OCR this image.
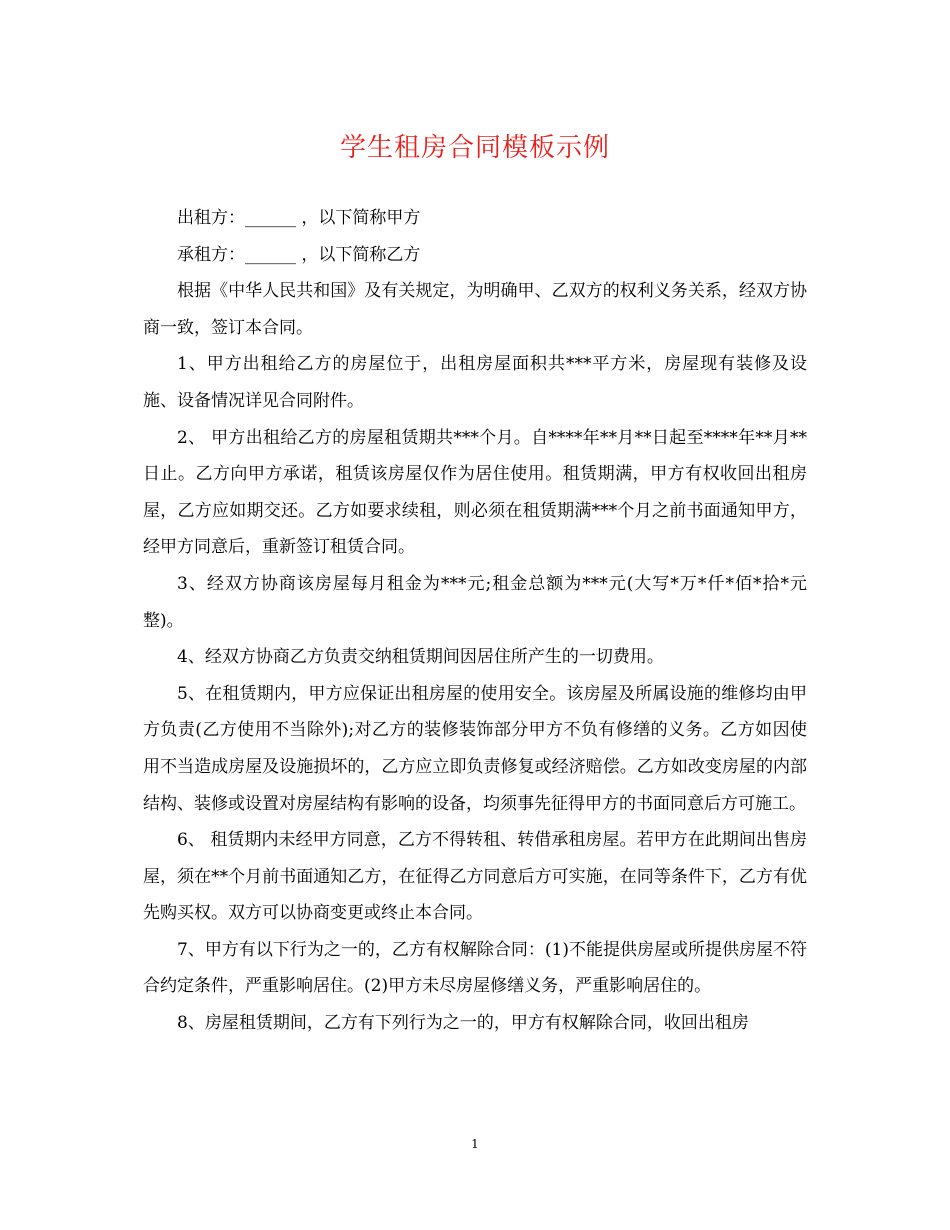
学生租房合同模板示例

出租方：______ ，以下简称甲方

承租方：______ ，以下简称乙方

根据《中华人民共和国》及有关规定，为明确甲、乙双方的权利义务关系，经双方协商一致，签订本合同。

1、甲方出租给乙方的房屋位于，出租房屋面积共***平方米，房屋现有装修及设施、设备情况详见合同附件。

2、 甲方出租给乙方的房屋租赁期共***个月。自****年**月**日起至****年**月**日止。乙方向甲方承诺，租赁该房屋仅作为居住使用。租赁期满，甲方有权收回出租房屋，乙方应如期交还。乙方如要求续租，则必须在租赁期满***个月之前书面通知甲方，经甲方同意后，重新签订租赁合同。

3、经双方协商该房屋每月租金为***元;租金总额为***元(大写*万*仟*佰*拾*元整)。

4、经双方协商乙方负责交纳租赁期间因居住所产生的一切费用。

5、在租赁期内，甲方应保证出租房屋的使用安全。该房屋及所属设施的维修均由甲方负责(乙方使用不当除外);对乙方的装修装饰部分甲方不负有修缮的义务。乙方如因使用不当造成房屋及设施损坏的，乙方应立即负责修复或经济赔偿。乙方如改变房屋的内部结构、装修或设置对房屋结构有影响的设备，均须事先征得甲方的书面同意后方可施工。

6、 租赁期内未经甲方同意，乙方不得转租、转借承租房屋。若甲方在此期间出售房屋，须在**个月前书面通知乙方，在征得乙方同意后方可实施，在同等条件下，乙方有优先购买权。双方可以协商变更或终止本合同。

7、甲方有以下行为之一的，乙方有权解除合同：(1)不能提供房屋或所提供房屋不符合约定条件，严重影响居住。(2)甲方未尽房屋修缮义务，严重影响居住的。

8、房屋租赁期间，乙方有下列行为之一的，甲方有权解除合同，收回出租房

1
